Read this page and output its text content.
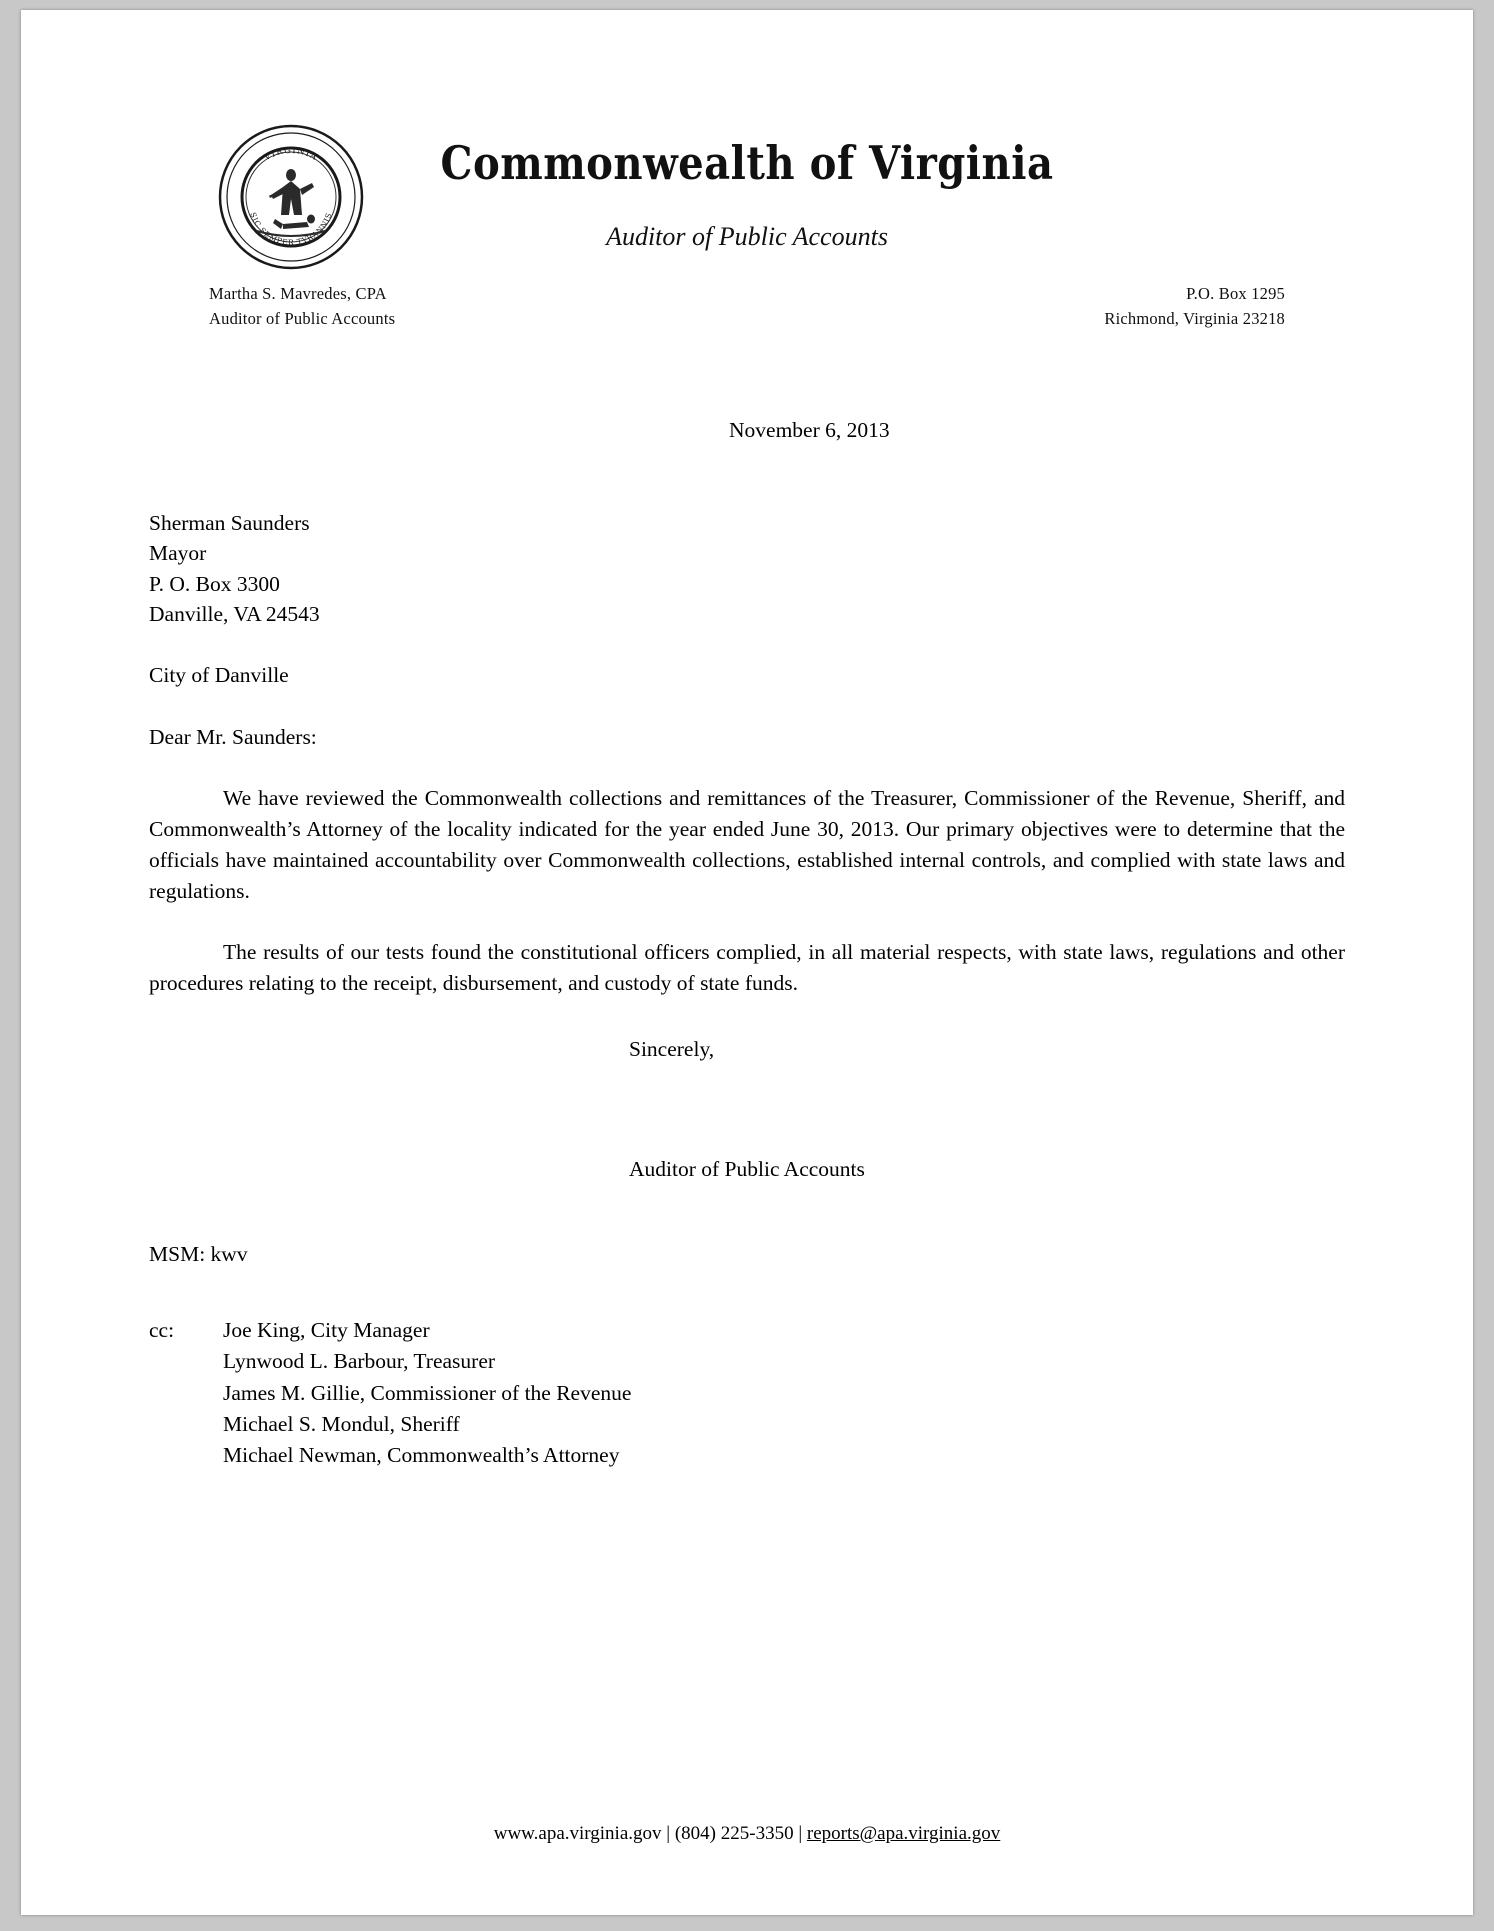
VIRGINIA
SIC SEMPER TYRANNIS
Commonwealth of Virginia
Auditor of Public Accounts
Martha S. Mavredes, CPA
Auditor of Public Accounts
P.O. Box 1295
Richmond, Virginia 23218
November 6, 2013
Sherman Saunders
Mayor
P. O. Box 3300
Danville, VA 24543
City of Danville
Dear Mr. Saunders:
We have reviewed the Commonwealth collections and remittances of the Treasurer, Commissioner of the Revenue, Sheriff, and Commonwealth’s Attorney of the locality indicated for the year ended June 30, 2013. Our primary objectives were to determine that the officials have maintained accountability over Commonwealth collections, established internal controls, and complied with state laws and regulations.
The results of our tests found the constitutional officers complied, in all material respects, with state laws, regulations and other procedures relating to the receipt, disbursement, and custody of state funds.
Sincerely,
Auditor of Public Accounts
MSM: kwv
cc:	Joe King, City Manager
Lynwood L. Barbour, Treasurer
James M. Gillie, Commissioner of the Revenue
Michael S. Mondul, Sheriff
Michael Newman, Commonwealth’s Attorney
www.apa.virginia.gov | (804) 225-3350 | reports@apa.virginia.gov
